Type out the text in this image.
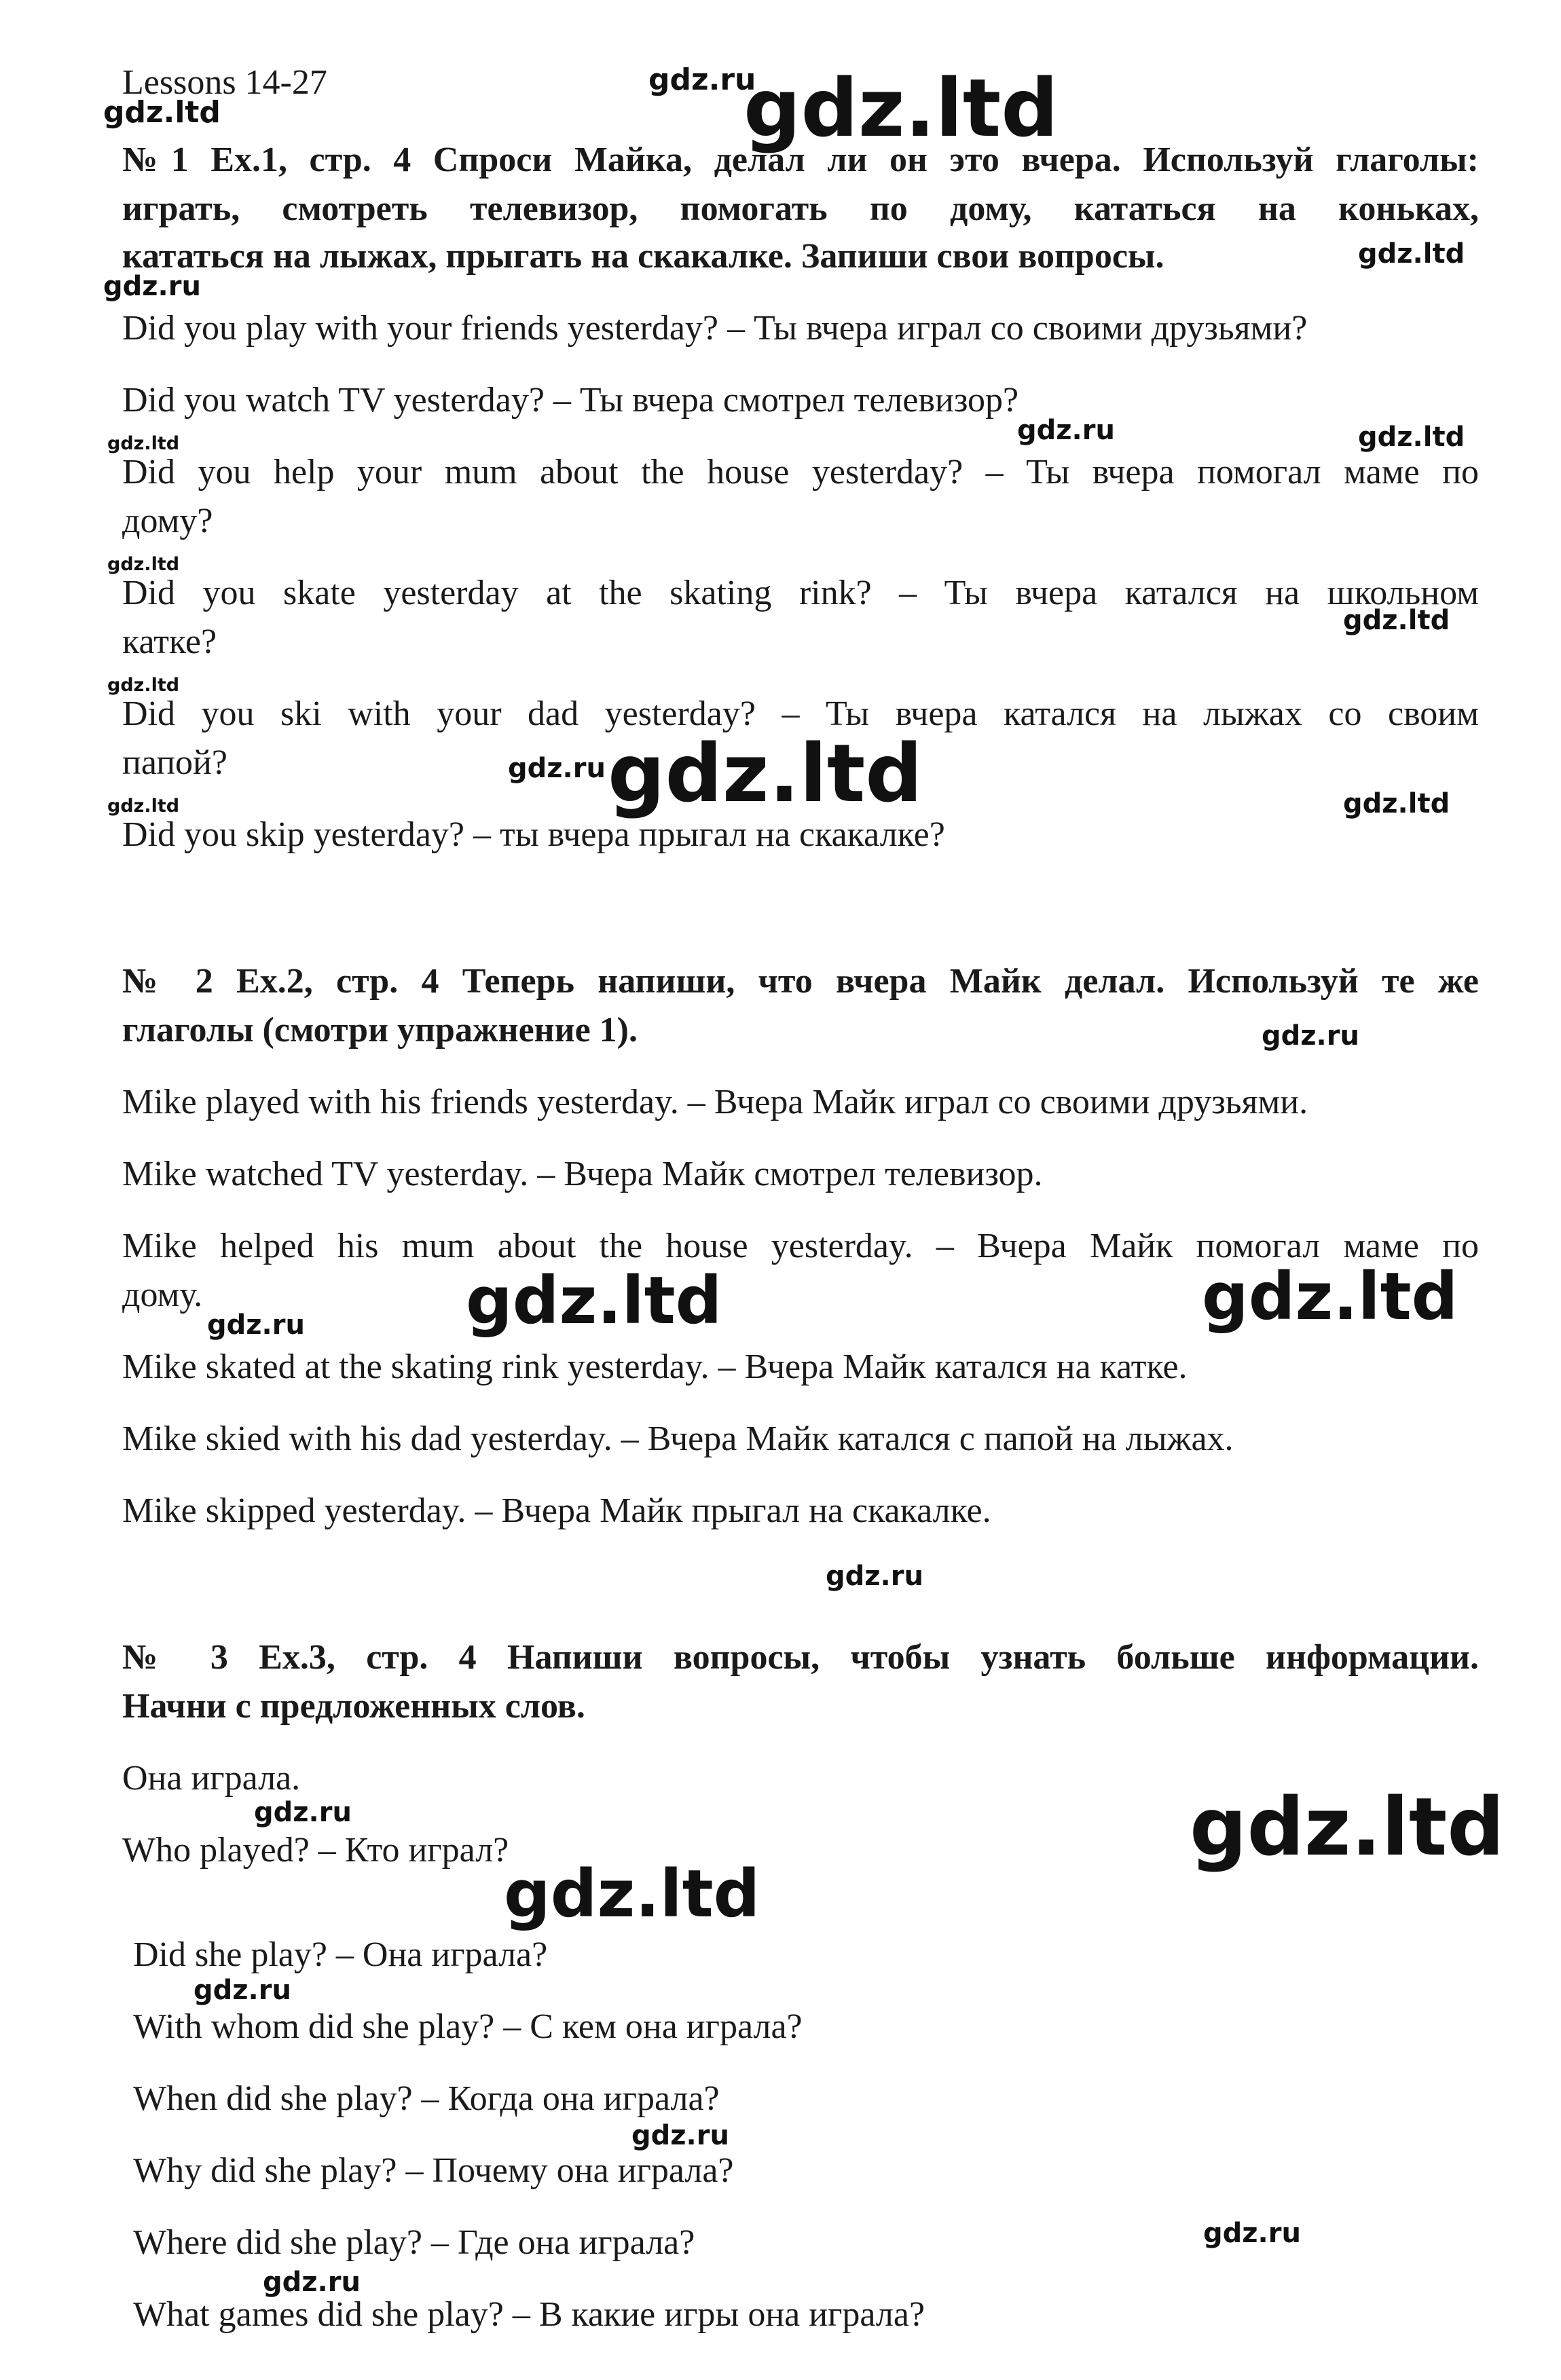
Lessons 14-27
№1 Ex.1, стр. 4 Спроси Майка, делал ли он это вчера. Используй глаголы:
играть, смотреть телевизор, помогать по дому, кататься на коньках,
кататься на лыжах, прыгать на скакалке. Запиши свои вопросы.
Did you play with your friends yesterday? – Ты вчера играл со своими друзьями?
Did you watch TV yesterday? – Ты вчера смотрел телевизор?
Did you help your mum about the house yesterday? – Ты вчера помогал маме по
дому?
Did you skate yesterday at the skating rink? – Ты вчера катался на школьном
катке?
Did you ski with your dad yesterday? – Ты вчера катался на лыжах со своим
папой?
Did you skip yesterday? – ты вчера прыгал на скакалке?
№ 2 Ex.2, стр. 4 Теперь напиши, что вчера Майк делал. Используй те же
глаголы (смотри упражнение 1).
Mike played with his friends yesterday. – Вчера Майк играл со своими друзьями.
Mike watched TV yesterday. – Вчера Майк смотрел телевизор.
Mike helped his mum about the house yesterday. – Вчера Майк помогал маме по
дому.
Mike skated at the skating rink yesterday. – Вчера Майк катался на катке.
Mike skied with his dad yesterday. – Вчера Майк катался с папой на лыжах.
Mike skipped yesterday. – Вчера Майк прыгал на скакалке.
№ 3 Ex.3, стр. 4 Напиши вопросы, чтобы узнать больше информации.
Начни с предложенных слов.
Она играла.
Who played? – Кто играл?
Did she play? – Она играла?
With whom did she play? – С кем она играла?
When did she play? – Когда она играла?
Why did she play? – Почему она играла?
Where did she play? – Где она играла?
What games did she play? – В какие игры она играла?
gdz.ltd
gdz.ru
gdz.ltd
gdz.ltd
gdz.ru
gdz.ltd	gdz.ru	gdz.ltd
gdz.ltd
gdz.ltd
gdz.ltd
gdz.ru gdz.ltd	gdz.ltd
gdz.ltd
gdz.ru
gdz.ltd	gdz.ltd
gdz.ru
gdz.ru
gdz.ltd
gdz.ru
gdz.ltd
gdz.ru
gdz.ru
gdz.ru
gdz.ru
